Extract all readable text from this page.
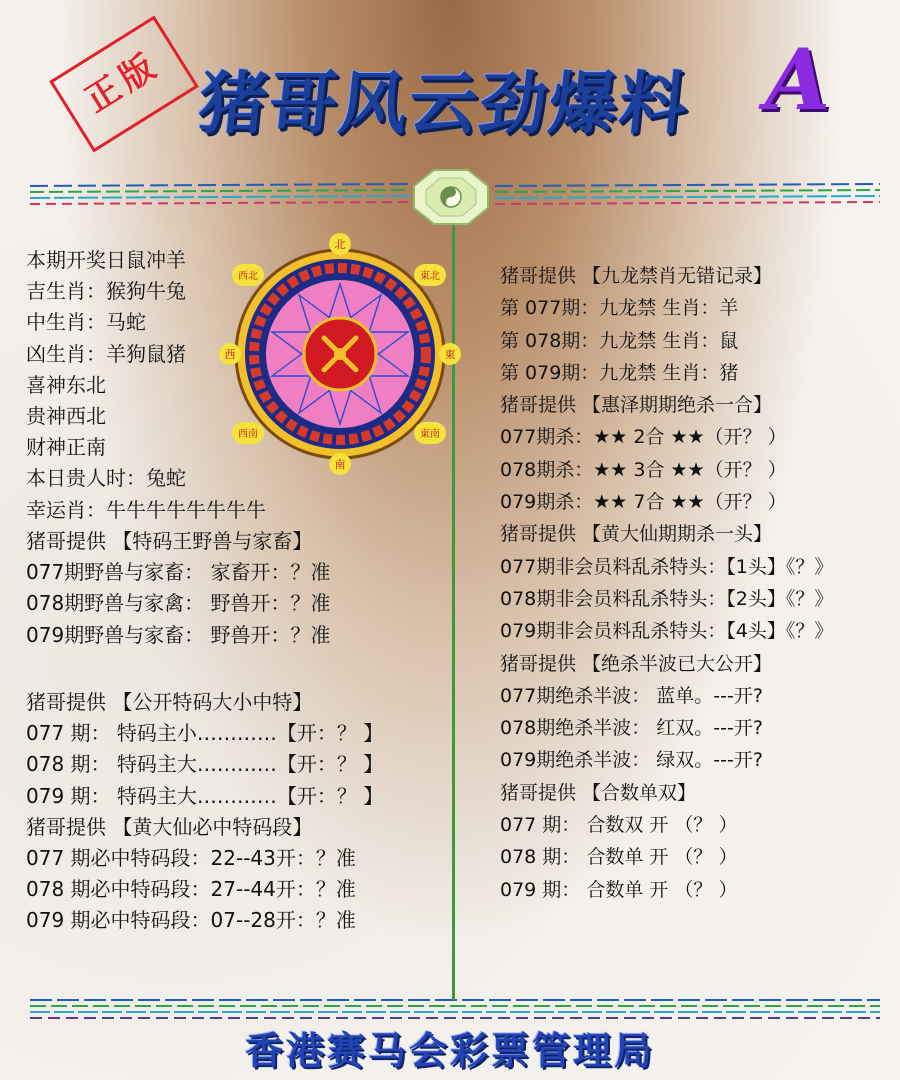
正版 猪哥风云劲爆料 A
北
南
東
西
東北
西北
東南
西南
本期开奖日鼠冲羊
吉生肖：猴狗牛兔
中生肖：马蛇
凶生肖：羊狗鼠猪
喜神东北
贵神西北
财神正南
本日贵人时：兔蛇
幸运肖：牛牛牛牛牛牛牛牛
猪哥提供 【特码王野兽与家畜】
077期野兽与家畜： 家畜开：？准
078期野兽与家禽： 野兽开：？准
079期野兽与家畜： 野兽开：？准
猪哥提供 【公开特码大小中特】
077 期： 特码主小…………【开：？ 】
078 期： 特码主大…………【开：？ 】
079 期： 特码主大…………【开：？ 】
猪哥提供 【黄大仙必中特码段】
077 期必中特码段：22--43开：？准
078 期必中特码段：27--44开：？准
079 期必中特码段：07--28开：？准
猪哥提供 【九龙禁肖无错记录】
第 077期：九龙禁 生肖：羊
第 078期：九龙禁 生肖：鼠
第 079期：九龙禁 生肖：猪
猪哥提供 【惠泽期期绝杀一合】
077期杀：★★ 2合 ★★（开？ ）
078期杀：★★ 3合 ★★（开？ ）
079期杀：★★ 7合 ★★（开？ ）
猪哥提供 【黄大仙期期杀一头】
077期非会员料乱杀特头：【1头】《？》
078期非会员料乱杀特头：【2头】《？》
079期非会员料乱杀特头：【4头】《？》
猪哥提供 【绝杀半波已大公开】
077期绝杀半波： 蓝单。---开?
078期绝杀半波： 红双。---开?
079期绝杀半波： 绿双。---开?
猪哥提供 【合数单双】
077 期： 合数双 开 （？ ）
078 期： 合数单 开 （？ ）
079 期： 合数单 开 （？ ）
香港赛马会彩票管理局
